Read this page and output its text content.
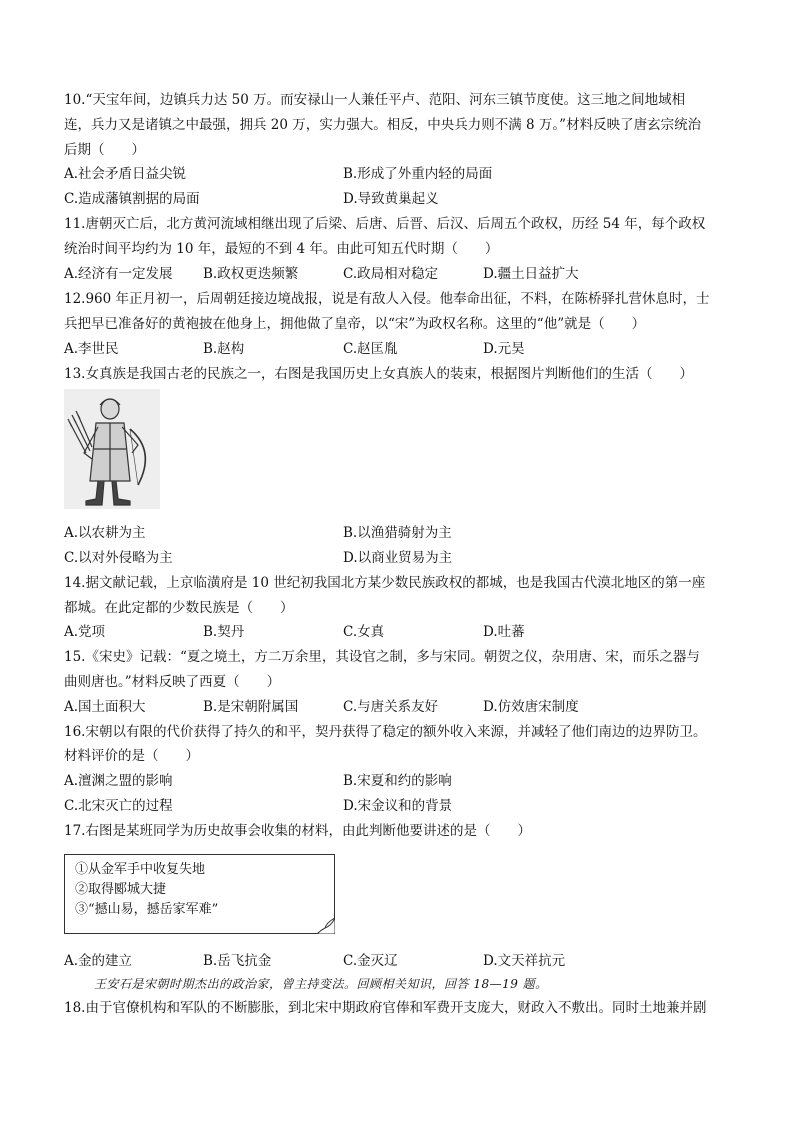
10.“天宝年间，边镇兵力达 50 万。而安禄山一人兼任平卢、范阳、河东三镇节度使。这三地之间地域相
连，兵力又是诸镇之中最强，拥兵 20 万，实力强大。相反，中央兵力则不满 8 万。”材料反映了唐玄宗统治
后期（　　）
A.社会矛盾日益尖锐	B.形成了外重内轻的局面
C.造成藩镇割据的局面	D.导致黄巢起义
11.唐朝灭亡后，北方黄河流域相继出现了后梁、后唐、后晋、后汉、后周五个政权，历经 54 年，每个政权
统治时间平均约为 10 年，最短的不到 4 年。由此可知五代时期（　　）
A.经济有一定发展 B.政权更迭频繁	C.政局相对稳定	D.疆土日益扩大
12.960 年正月初一，后周朝廷接边境战报，说是有敌人入侵。他奉命出征，不料，在陈桥驿扎营休息时，士
兵把早已准备好的黄袍披在他身上，拥他做了皇帝，以“宋”为政权名称。这里的“他”就是（　　）
A.李世民	B.赵构	C.赵匡胤	D.元昊
13.女真族是我国古老的民族之一，右图是我国历史上女真族人的装束，根据图片判断他们的生活（　　）
A.以农耕为主	B.以渔猎骑射为主
C.以对外侵略为主	D.以商业贸易为主
14.据文献记载，上京临潢府是 10 世纪初我国北方某少数民族政权的都城，也是我国古代漠北地区的第一座
都城。在此定都的少数民族是（　　）
A.党项	B.契丹	C.女真	D.吐蕃
15.《宋史》记载：“夏之境土，方二万余里，其设官之制，多与宋同。朝贺之仪，杂用唐、宋，而乐之器与
曲则唐也。”材料反映了西夏（　　）
A.国土面积大	B.是宋朝附属国	C.与唐关系友好	D.仿效唐宋制度
16.宋朝以有限的代价获得了持久的和平，契丹获得了稳定的额外收入来源，并减轻了他们南边的边界防卫。
材料评价的是（　　）
A.澶渊之盟的影响	B.宋夏和约的影响
C.北宋灭亡的过程	D.宋金议和的背景
17.右图是某班同学为历史故事会收集的材料，由此判断他要讲述的是（　　）
①从金军手中收复失地
②取得郾城大捷
③“撼山易，撼岳家军难”
A.金的建立	B.岳飞抗金	C.金灭辽	D.文天祥抗元
王安石是宋朝时期杰出的政治家，曾主持变法。回顾相关知识，回答 18—19 题。
18.由于官僚机构和军队的不断膨胀，到北宋中期政府官俸和军费开支庞大，财政入不敷出。同时土地兼并剧
